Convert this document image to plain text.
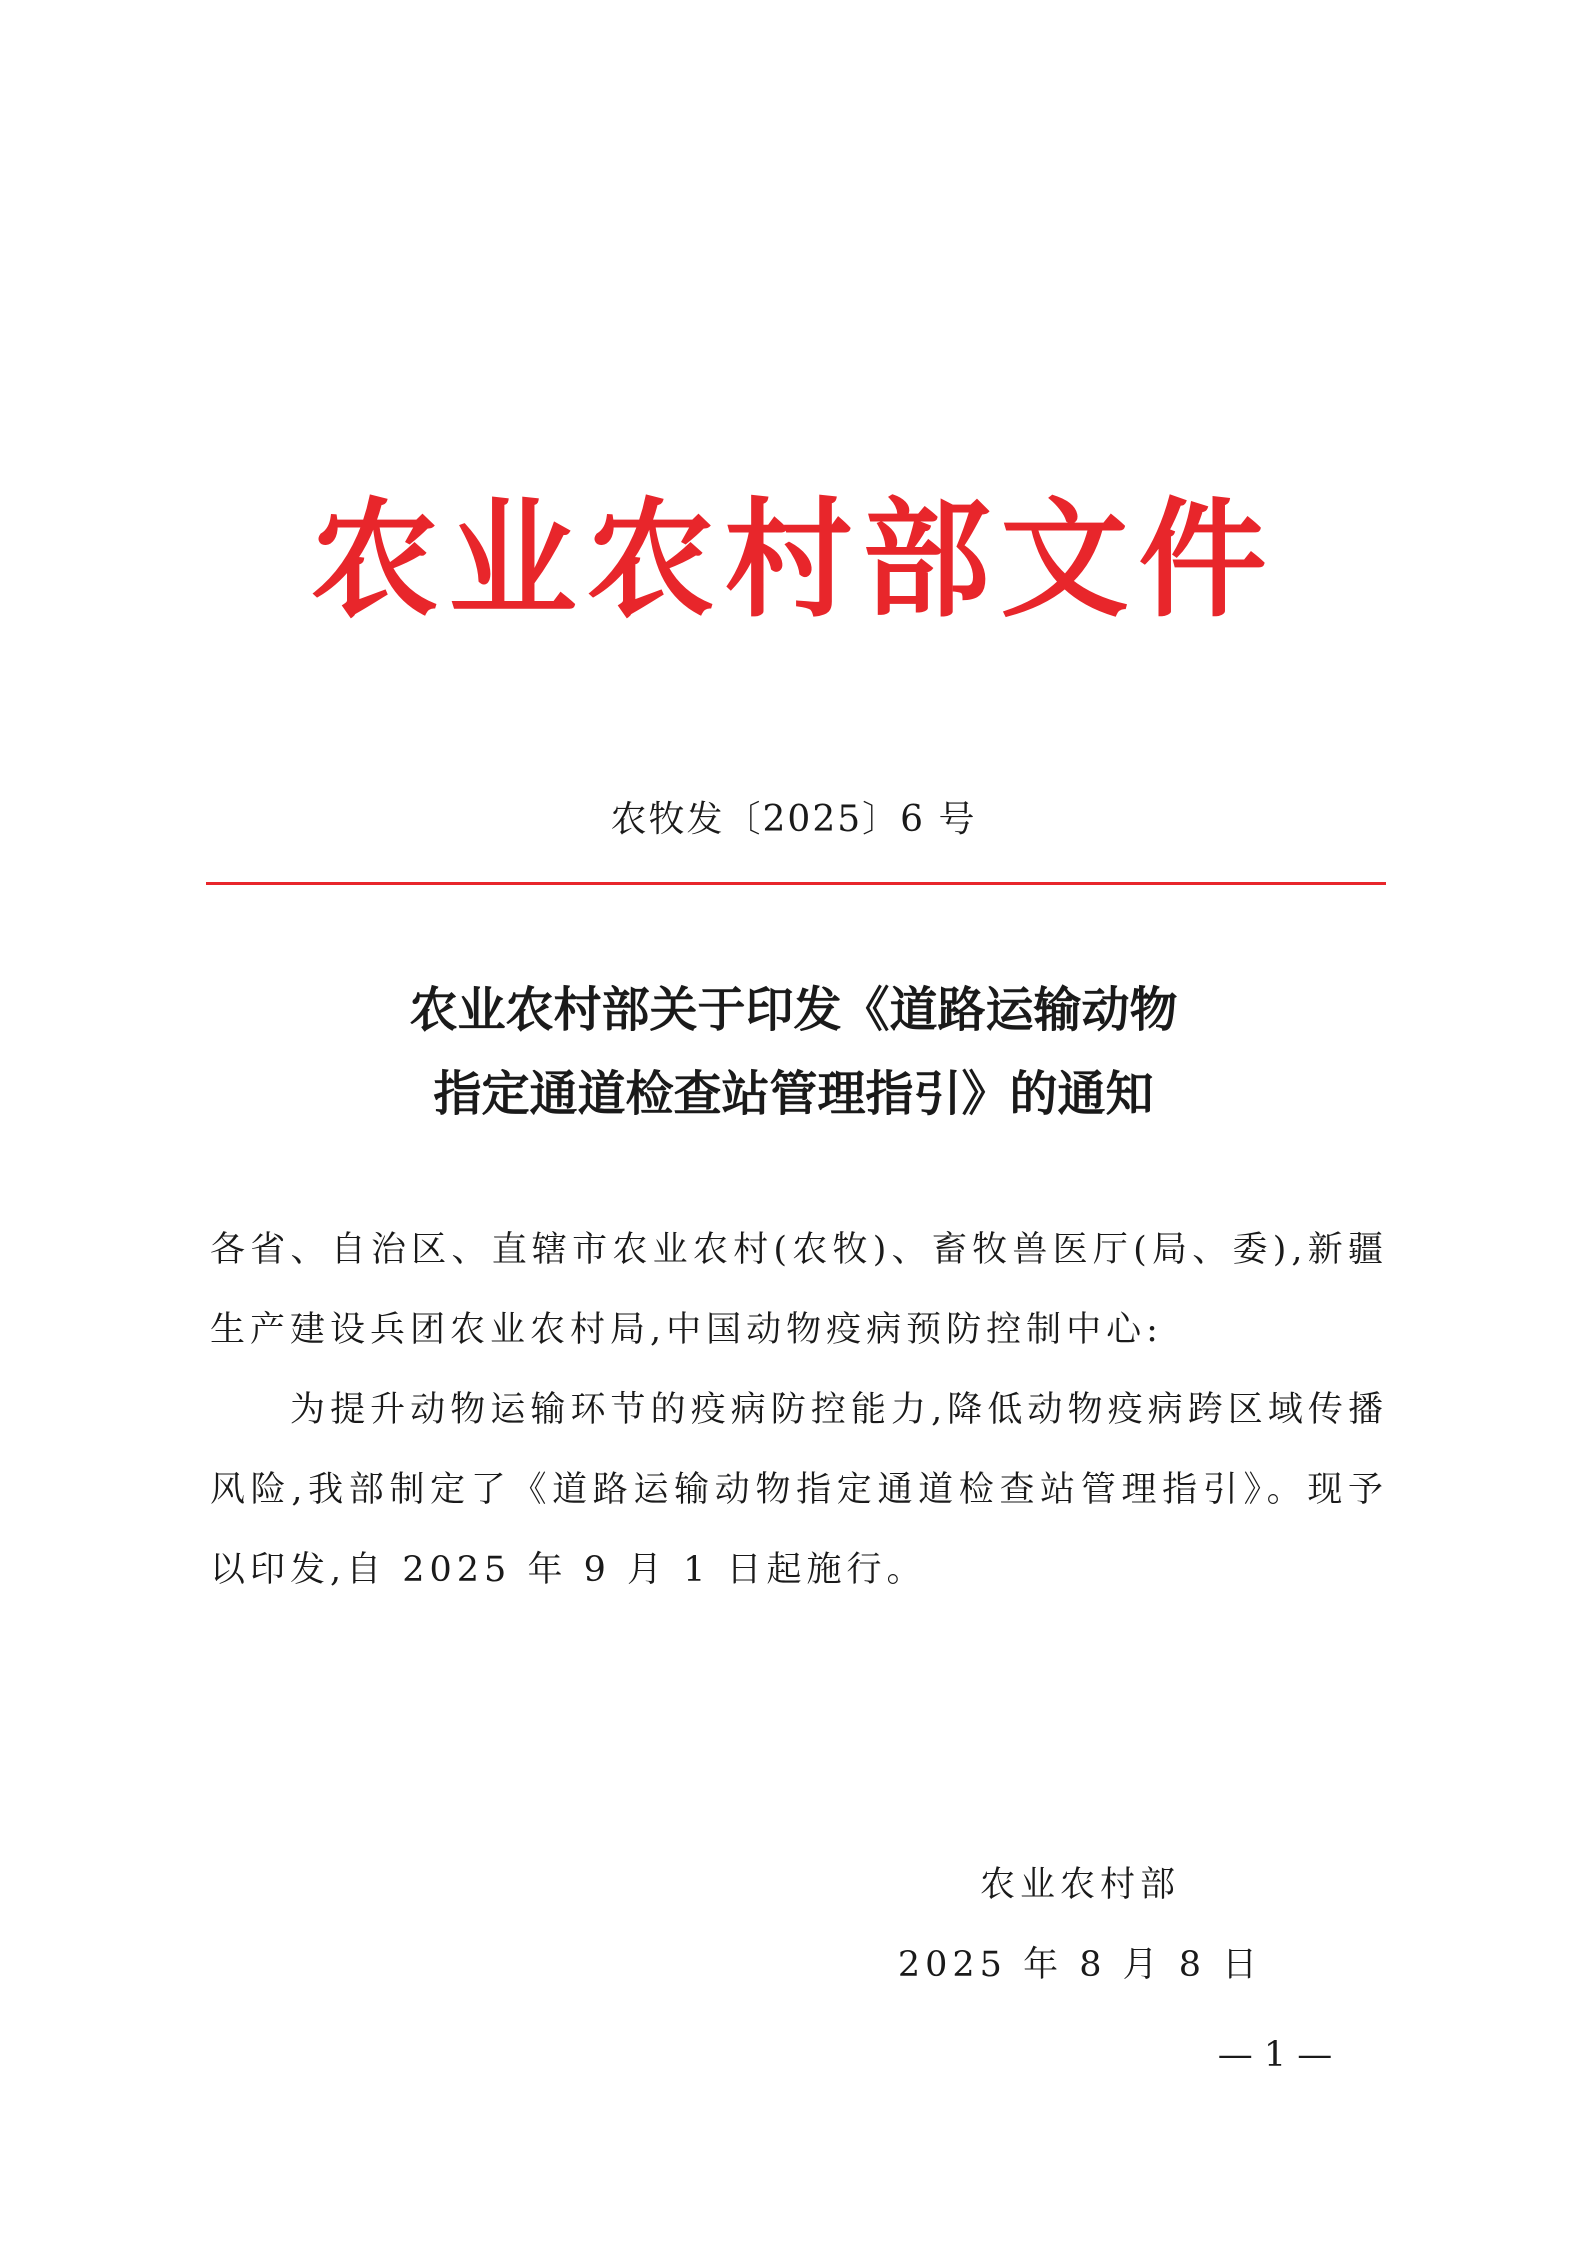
农业农村部文件
农牧发〔2025〕6 号
农业农村部关于印发《道路运输动物
指定通道检查站管理指引》的通知

各省、自治区、直辖市农业农村(农牧)、畜牧兽医厅(局、委),新疆生产建设兵团农业农村局,中国动物疫病预防控制中心:

为提升动物运输环节的疫病防控能力,降低动物疫病跨区域传播风险,我部制定了《道路运输动物指定通道检查站管理指引》。现予以印发,自 2025 年 9 月 1 日起施行。

农业农村部
2025 年 8 月 8 日
— 1 —
